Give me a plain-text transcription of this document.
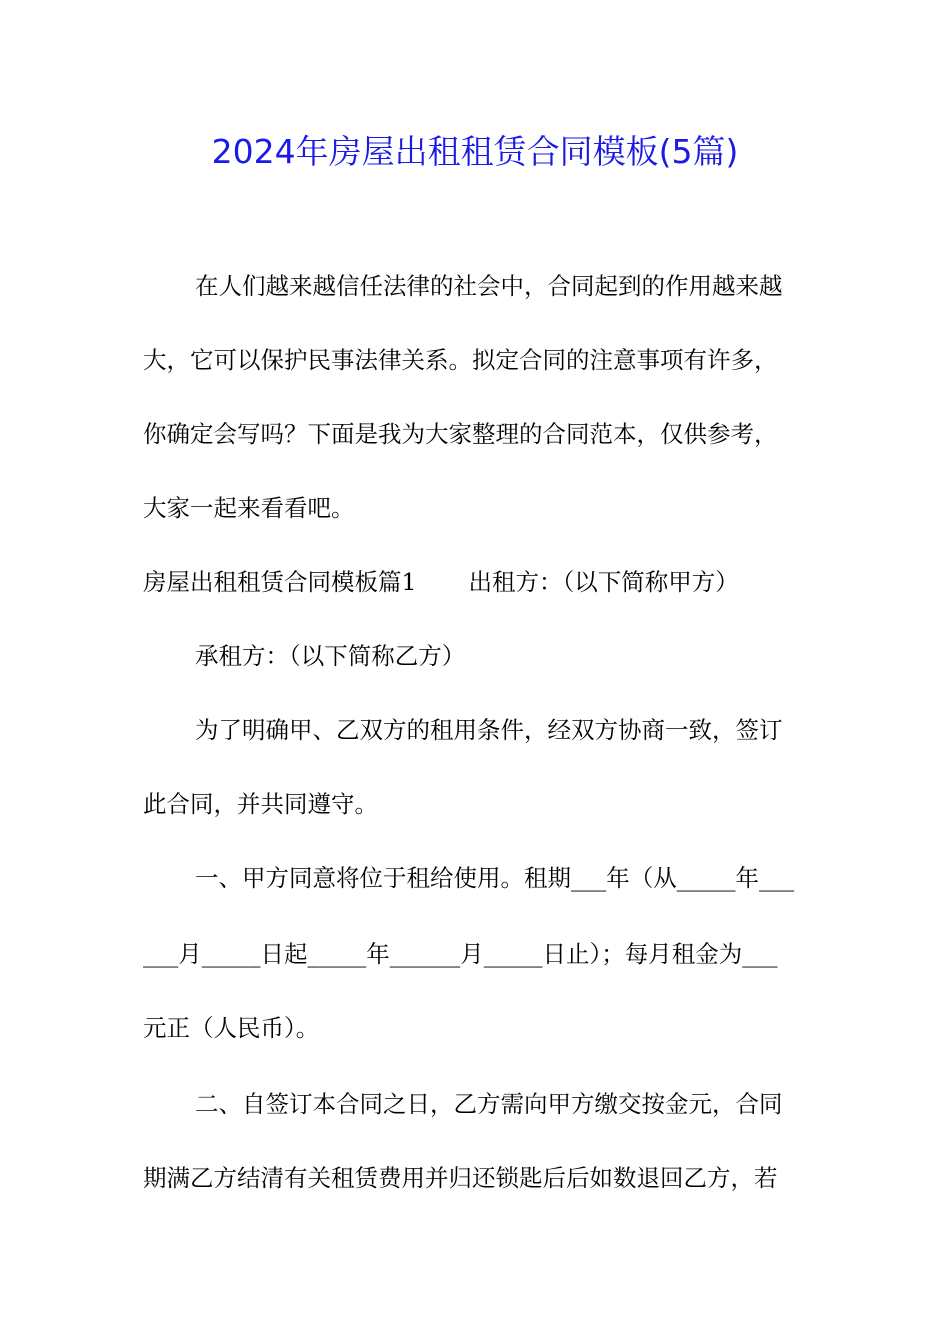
2024年房屋出租租赁合同模板(5篇)

在人们越来越信任法律的社会中，合同起到的作用越来越

大，它可以保护民事法律关系。拟定合同的注意事项有许多，

你确定会写吗？下面是我为大家整理的合同范本，仅供参考，

大家一起来看看吧。

房屋出租租赁合同模板篇1 出租方：（以下简称甲方）

承租方：（以下简称乙方）

为了明确甲、乙双方的租用条件，经双方协商一致，签订

此合同，并共同遵守。

一、甲方同意将位于租给使用。租期___年（从_____年___

___月_____日起_____年______月_____日止）；每月租金为___

元正（人民币）。

二、自签订本合同之日，乙方需向甲方缴交按金元，合同

期满乙方结清有关租赁费用并归还锁匙后后如数退回乙方，若
